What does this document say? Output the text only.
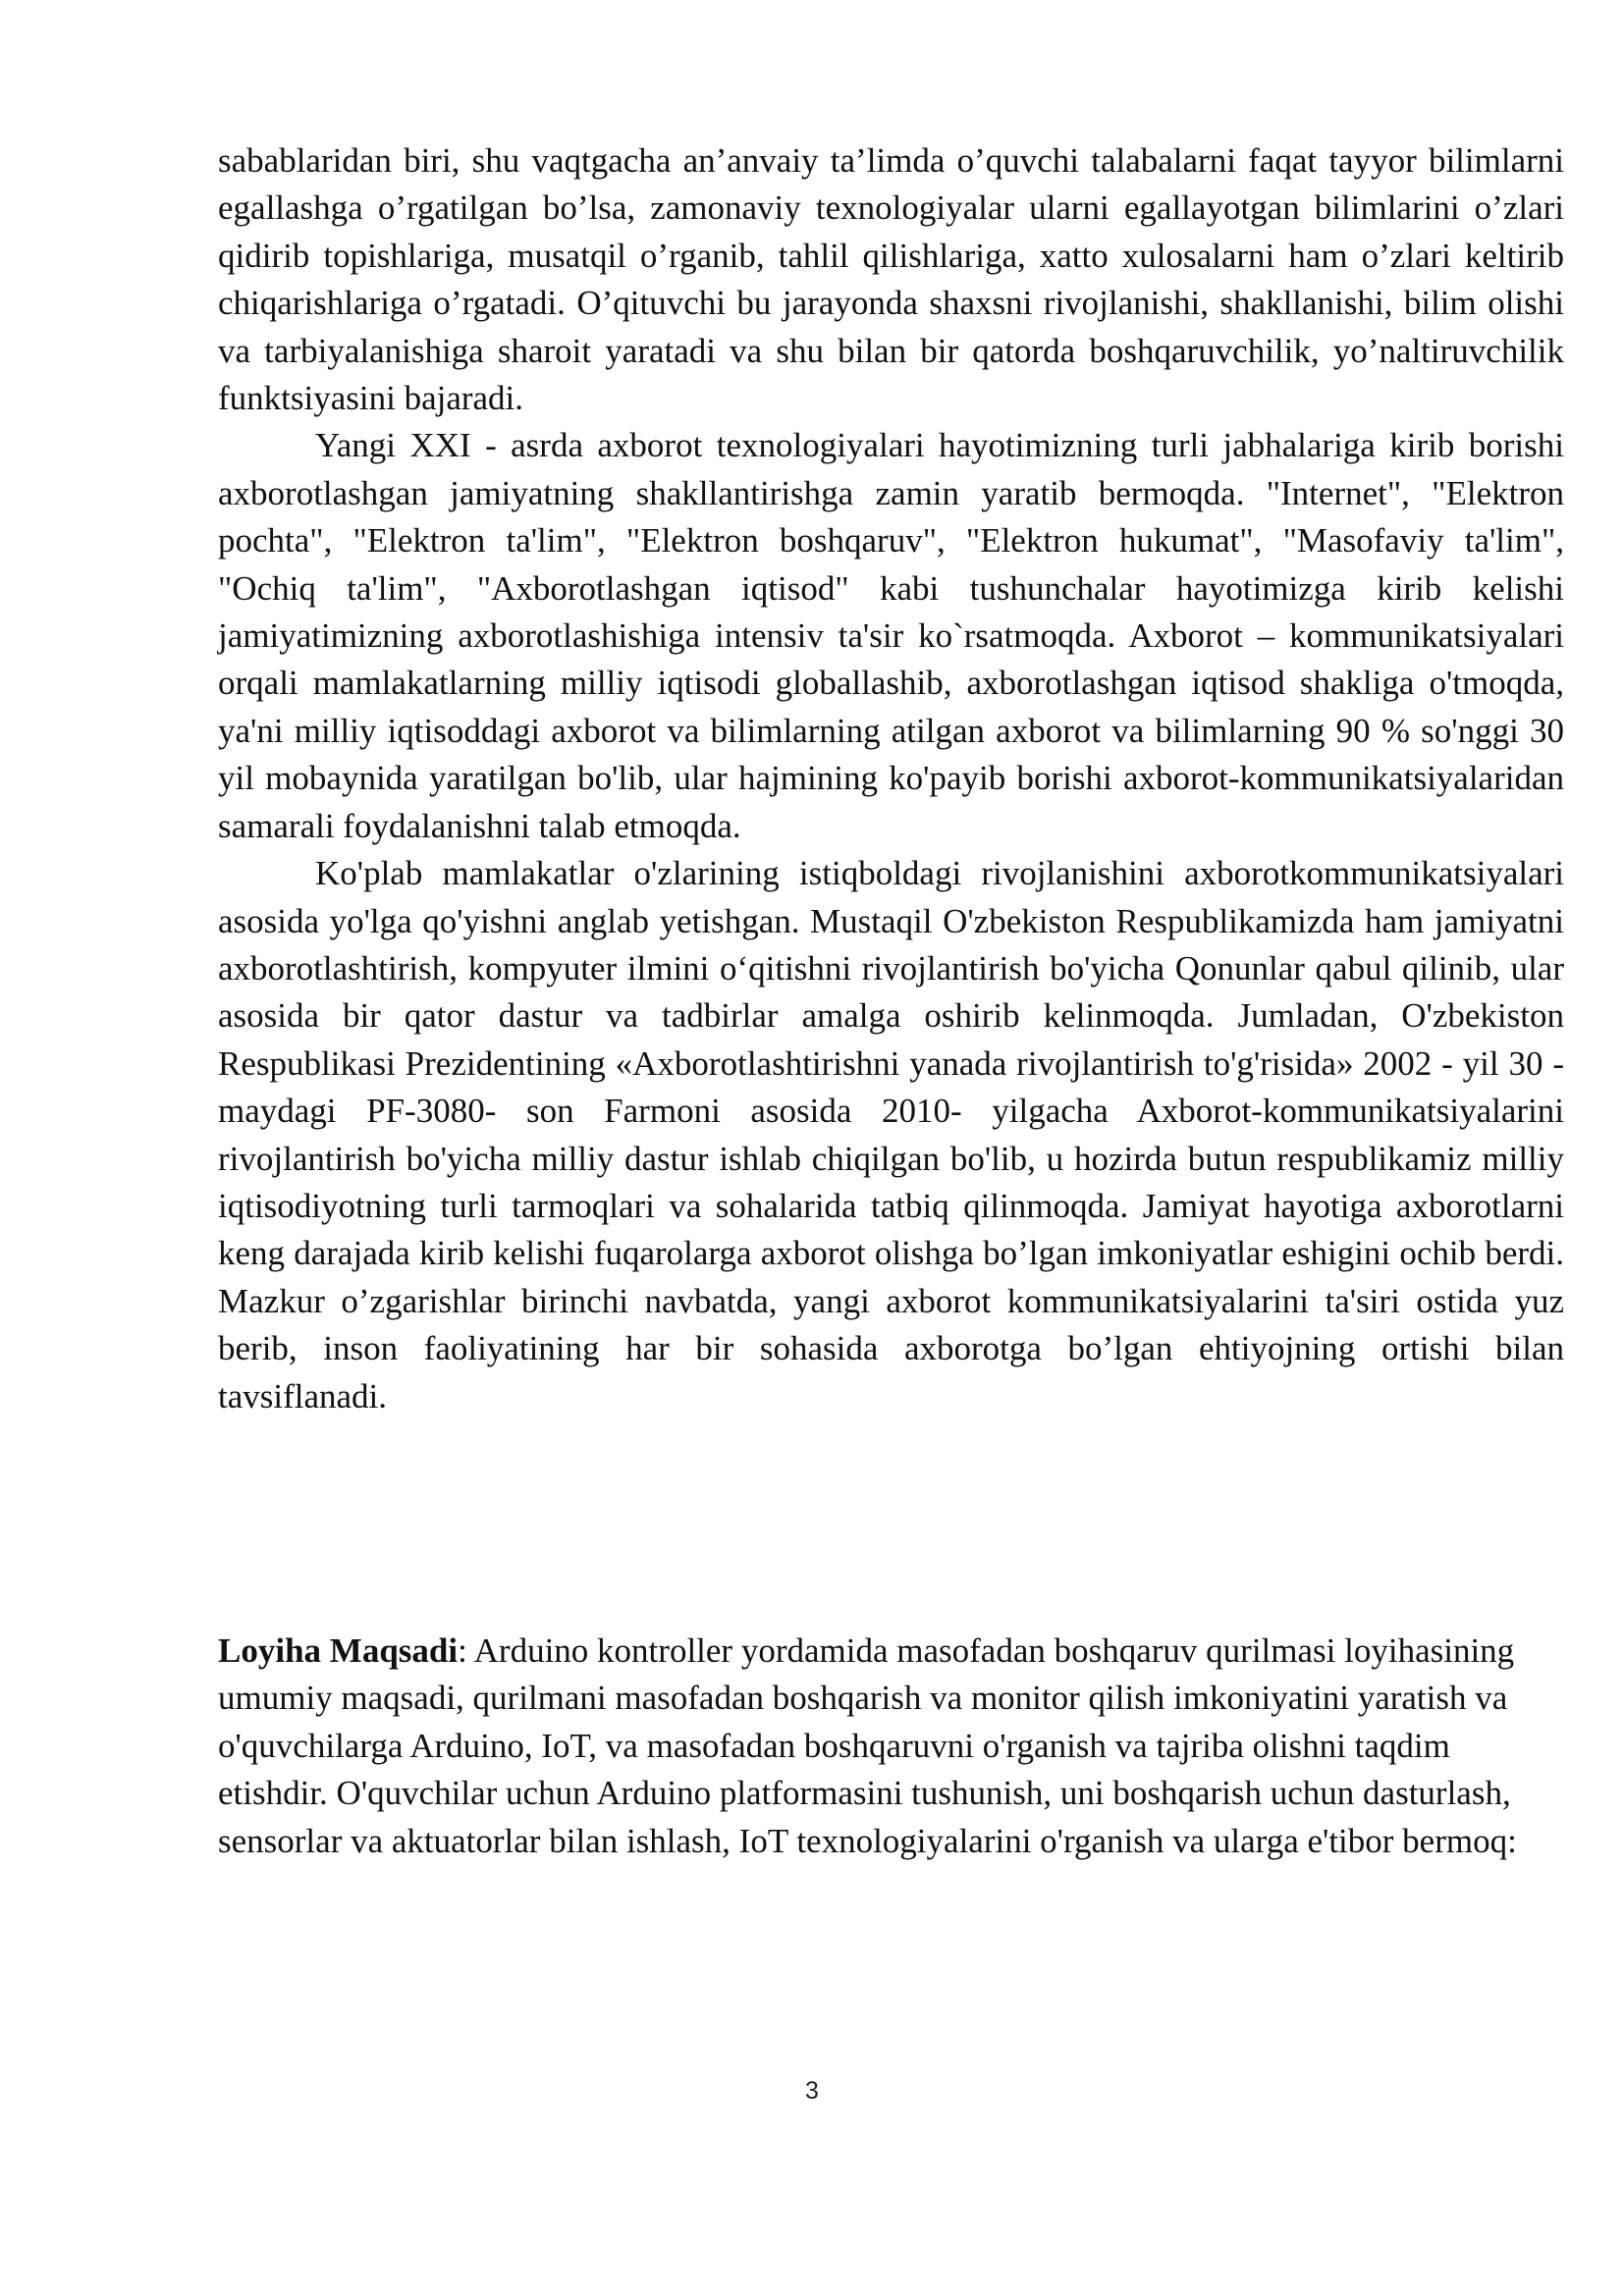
sabablaridan biri, shu vaqtgacha an’anvaiy ta’limda o’quvchi talabalarni faqat tayyor bilimlarni egallashga o’rgatilgan bo’lsa, zamonaviy texnologiyalar ularni egallayotgan bilimlarini o’zlari qidirib topishlariga, musatqil o’rganib, tahlil qilishlariga, xatto xulosalarni ham o’zlari keltirib chiqarishlariga o’rgatadi. O’qituvchi bu jarayonda shaxsni rivojlanishi, shakllanishi, bilim olishi va tarbiyalanishiga sharoit yaratadi va shu bilan bir qatorda boshqaruvchilik, yo’naltiruvchilik funktsiyasini bajaradi.

Yangi XXI - asrda axborot texnologiyalari hayotimizning turli jabhalariga kirib borishi axborotlashgan jamiyatning shakllantirishga zamin yaratib bermoqda. "Internet", "Elektron pochta", "Elektron ta'lim", "Elektron boshqaruv", "Elektron hukumat", "Masofaviy ta'lim", "Ochiq ta'lim", "Axborotlashgan iqtisod" kabi tushunchalar hayotimizga kirib kelishi jamiyatimizning axborotlashishiga intensiv ta'sir ko`rsatmoqda. Axborot – kommunikatsiyalari orqali mamlakatlarning milliy iqtisodi globallashib, axborotlashgan iqtisod shakliga o'tmoqda, ya'ni milliy iqtisoddagi axborot va bilimlarning atilgan axborot va bilimlarning 90 % so'nggi 30 yil mobaynida yaratilgan bo'lib, ular hajmining ko'payib borishi axborot-kommunikatsiyalaridan samarali foydalanishni talab etmoqda.

Ko'plab mamlakatlar o'zlarining istiqboldagi rivojlanishini axborotkommunikatsiyalari asosida yo'lga qo'yishni anglab yetishgan. Mustaqil O'zbekiston Respublikamizda ham jamiyatni axborotlashtirish, kompyuter ilmini o‘qitishni rivojlantirish bo'yicha Qonunlar qabul qilinib, ular asosida bir qator dastur va tadbirlar amalga oshirib kelinmoqda. Jumladan, O'zbekiston Respublikasi Prezidentining «Axborotlashtirishni yanada rivojlantirish to'g'risida» 2002 - yil 30 - maydagi PF-3080- son Farmoni asosida 2010- yilgacha Axborot-kommunikatsiyalarini rivojlantirish bo'yicha milliy dastur ishlab chiqilgan bo'lib, u hozirda butun respublikamiz milliy iqtisodiyotning turli tarmoqlari va sohalarida tatbiq qilinmoqda. Jamiyat hayotiga axborotlarni keng darajada kirib kelishi fuqarolarga axborot olishga bo’lgan imkoniyatlar eshigini ochib berdi. Mazkur o’zgarishlar birinchi navbatda, yangi axborot kommunikatsiyalarini ta'siri ostida yuz berib, inson faoliyatining har bir sohasida axborotga bo’lgan ehtiyojning ortishi bilan tavsiflanadi.

Loyiha Maqsadi: Arduino kontroller yordamida masofadan boshqaruv qurilmasi loyihasining umumiy maqsadi, qurilmani masofadan boshqarish va monitor qilish imkoniyatini yaratish va o'quvchilarga Arduino, IoT, va masofadan boshqaruvni o'rganish va tajriba olishni taqdim etishdir. O'quvchilar uchun Arduino platformasini tushunish, uni boshqarish uchun dasturlash, sensorlar va aktuatorlar bilan ishlash, IoT texnologiyalarini o'rganish va ularga e'tibor bermoq:

3
